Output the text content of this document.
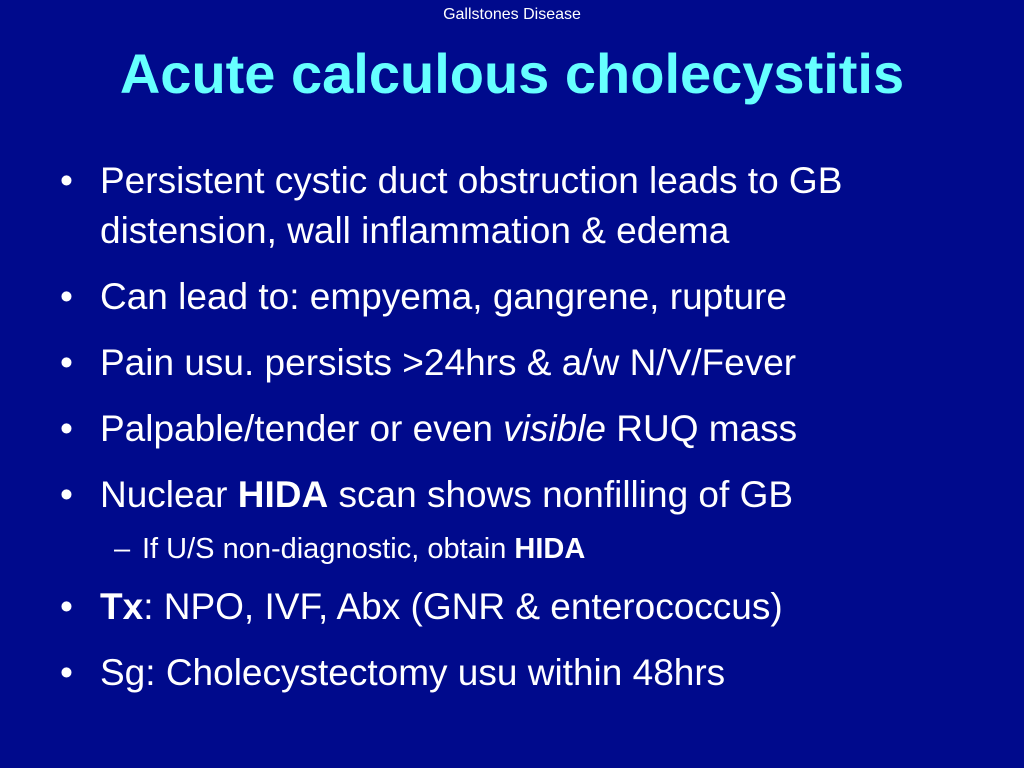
Gallstones Disease
Acute calculous cholecystitis
• Persistent cystic duct obstruction leads to GB distension, wall inflammation & edema
• Can lead to: empyema, gangrene, rupture
• Pain usu. persists >24hrs & a/w N/V/Fever
• Palpable/tender or even visible RUQ mass
• Nuclear HIDA scan shows nonfilling of GB
– If U/S non-diagnostic, obtain HIDA
• Tx: NPO, IVF, Abx (GNR & enterococcus)
• Sg: Cholecystectomy usu within 48hrs
